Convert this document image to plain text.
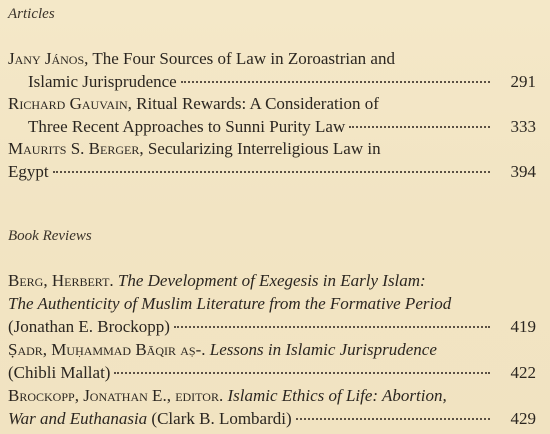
Articles
Jany János, The Four Sources of Law in Zoroastrian and
Islamic Jurisprudence	291
Richard Gauvain, Ritual Rewards: A Consideration of
Three Recent Approaches to Sunni Purity Law	333
Maurits S. Berger, Secularizing Interreligious Law in
Egypt	394
Book Reviews
Berg, Herbert. The Development of Exegesis in Early Islam:
The Authenticity of Muslim Literature from the Formative Period
(Jonathan E. Brockopp)	419
Ṣadr, Muḥammad Bāqir aṣ-. Lessons in Islamic Jurisprudence
(Chibli Mallat)	422
Brockopp, Jonathan E., editor. Islamic Ethics of Life: Abortion,
War and Euthanasia (Clark B. Lombardi)	429
